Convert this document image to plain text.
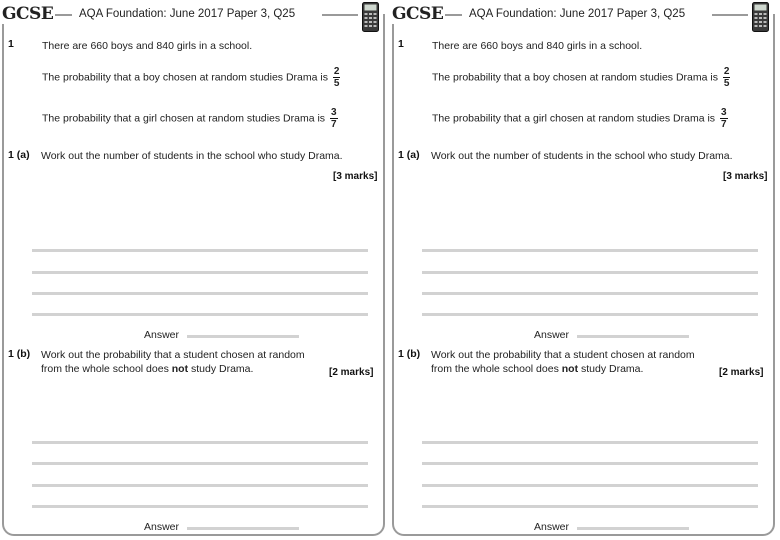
GCSE AQA Foundation: June 2017 Paper 3, Q25
1	There are 660 boys and 840 girls in a school.
The probability that a boy chosen at random studies Drama is $\frac{2}{5}$
The probability that a girl chosen at random studies Drama is $\frac{3}{7}$
1 (a) Work out the number of students in the school who study Drama.
[3 marks]
Answer
1 (b) Work out the probability that a student chosen at random
from the whole school does not study Drama.	[2 marks]
Answer
GCSE AQA Foundation: June 2017 Paper 3, Q25
1	There are 660 boys and 840 girls in a school.
The probability that a boy chosen at random studies Drama is $\frac{2}{5}$
The probability that a girl chosen at random studies Drama is $\frac{3}{7}$
1 (a) Work out the number of students in the school who study Drama.
[3 marks]
Answer
1 (b) Work out the probability that a student chosen at random
from the whole school does not study Drama.	[2 marks]
Answer
